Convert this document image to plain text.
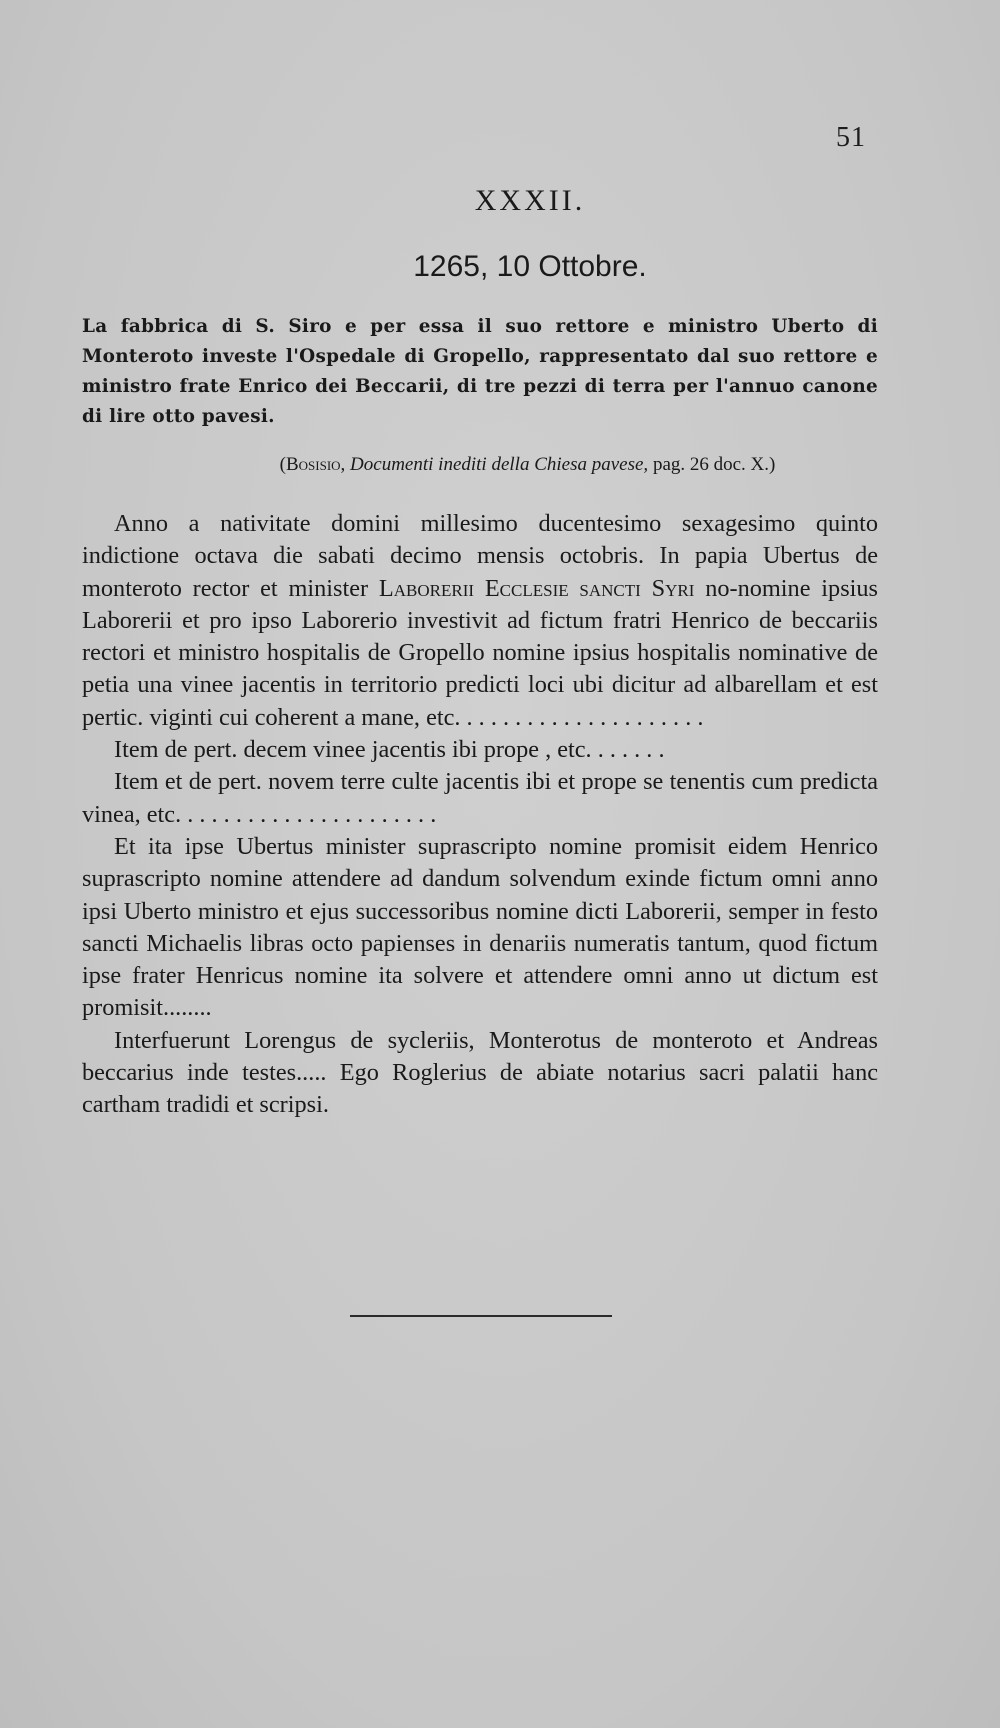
51
XXXII.
1265, 10 Ottobre.
La fabbrica di S. Siro e per essa il suo rettore e ministro Uberto di Monteroto investe l'Ospedale di Gropello, rappresentato dal suo rettore e ministro frate Enrico dei Beccarii, di tre pezzi di terra per l'annuo canone di lire otto pavesi.
(Bosisio, Documenti inediti della Chiesa pavese, pag. 26 doc. X.)

Anno a nativitate domini millesimo ducentesimo sexagesimo quinto indictione octava die sabati decimo mensis octobris. In papia Ubertus de monteroto rector et minister Laborerii Ecclesie sancti Syri no-nomine ipsius Laborerii et pro ipso Laborerio investivit ad fictum fratri Henrico de beccariis rectori et ministro hospitalis de Gropello nomine ipsius hospitalis nominative de petia una vinee jacentis in territorio predicti loci ubi dicitur ad albarellam et est pertic. viginti cui coherent a mane, etc. . . . . . . . . . . . . . . . . . . . .

Item de pert. decem vinee jacentis ibi prope , etc. . . . . . .

Item et de pert. novem terre culte jacentis ibi et prope se tenentis cum predicta vinea, etc. . . . . . . . . . . . . . . . . . . . . .

Et ita ipse Ubertus minister suprascripto nomine promisit eidem Henrico suprascripto nomine attendere ad dandum solvendum exinde fictum omni anno ipsi Uberto ministro et ejus successoribus nomine dicti Laborerii, semper in festo sancti Michaelis libras octo papienses in denariis numeratis tantum, quod fictum ipse frater Henricus nomine ita solvere et attendere omni anno ut dictum est promisit........

Interfuerunt Lorengus de sycleriis, Monterotus de monteroto et Andreas beccarius inde testes..... Ego Roglerius de abiate notarius sacri palatii hanc cartham tradidi et scripsi.
